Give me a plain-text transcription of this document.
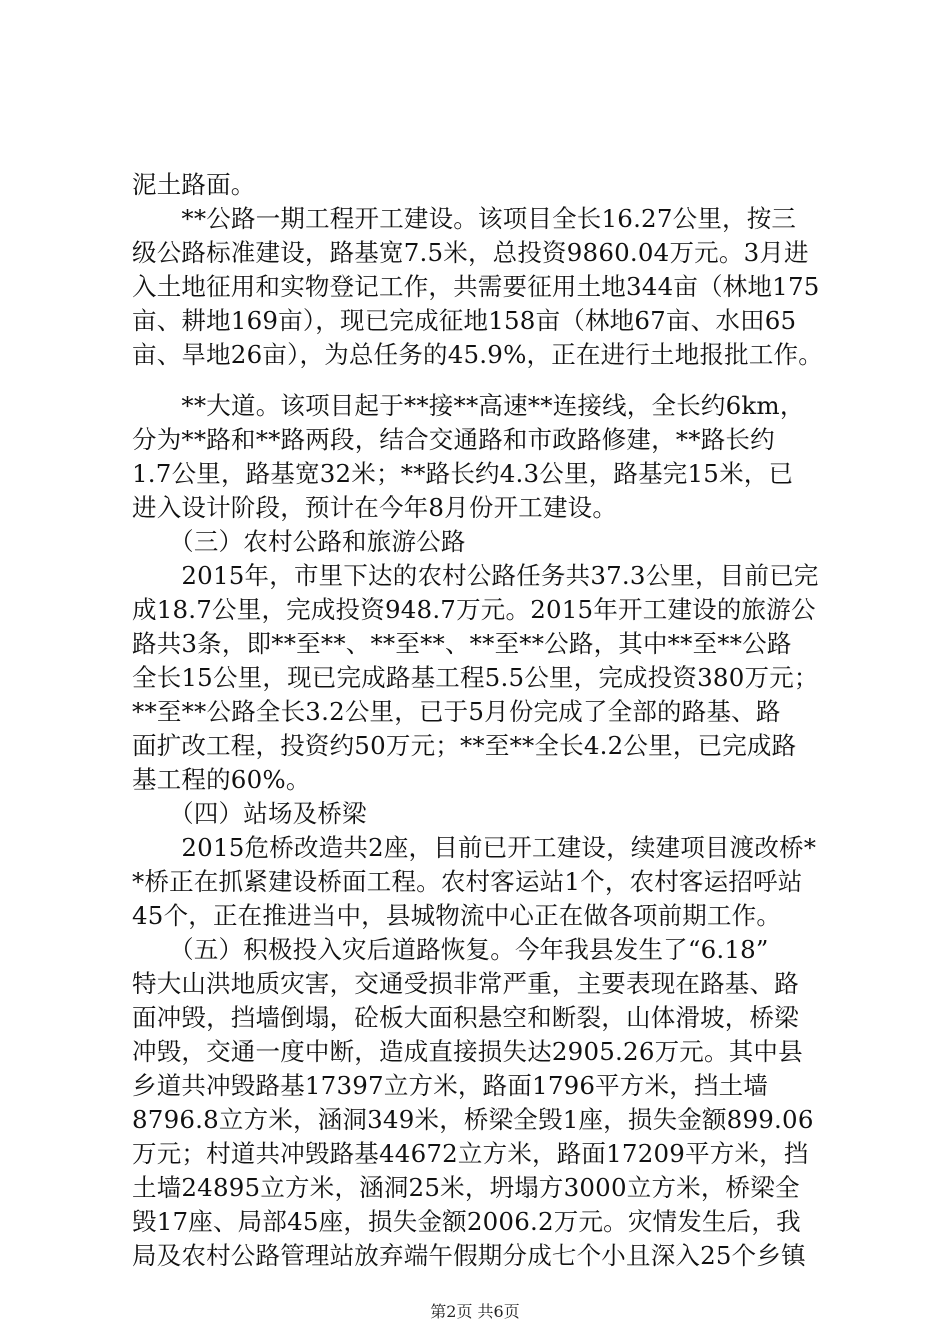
泥土路面。
　　**公路一期工程开工建设。该项目全长16.27公里，按三
级公路标准建设，路基宽7.5米，总投资9860.04万元。3月进
入土地征用和实物登记工作，共需要征用土地344亩（林地175
亩、耕地169亩），现已完成征地158亩（林地67亩、水田65
亩、旱地26亩），为总任务的45.9%，正在进行土地报批工作。
　　**大道。该项目起于**接**高速**连接线，全长约6km，
分为**路和**路两段，结合交通路和市政路修建，**路长约
1.7公里，路基宽32米；**路长约4.3公里，路基完15米，已
进入设计阶段，预计在今年8月份开工建设。
　　（三）农村公路和旅游公路
　　2015年，市里下达的农村公路任务共37.3公里，目前已完
成18.7公里，完成投资948.7万元。2015年开工建设的旅游公
路共3条，即**至**、**至**、**至**公路，其中**至**公路
全长15公里，现已完成路基工程5.5公里，完成投资380万元；
**至**公路全长3.2公里，已于5月份完成了全部的路基、路
面扩改工程，投资约50万元；**至**全长4.2公里，已完成路
基工程的60%。
　　（四）站场及桥梁
　　2015危桥改造共2座，目前已开工建设，续建项目渡改桥*
*桥正在抓紧建设桥面工程。农村客运站1个，农村客运招呼站
45个，正在推进当中，县城物流中心正在做各项前期工作。
　　（五）积极投入灾后道路恢复。今年我县发生了“6.18”
特大山洪地质灾害，交通受损非常严重，主要表现在路基、路
面冲毁，挡墙倒塌，砼板大面积悬空和断裂，山体滑坡，桥梁
冲毁，交通一度中断，造成直接损失达2905.26万元。其中县
乡道共冲毁路基17397立方米，路面1796平方米，挡土墙
8796.8立方米，涵洞349米，桥梁全毁1座，损失金额899.06
万元；村道共冲毁路基44672立方米，路面17209平方米，挡
土墙24895立方米，涵洞25米，坍塌方3000立方米，桥梁全
毁17座、局部45座，损失金额2006.2万元。灾情发生后，我
局及农村公路管理站放弃端午假期分成七个小且深入25个乡镇
第2页 共6页
